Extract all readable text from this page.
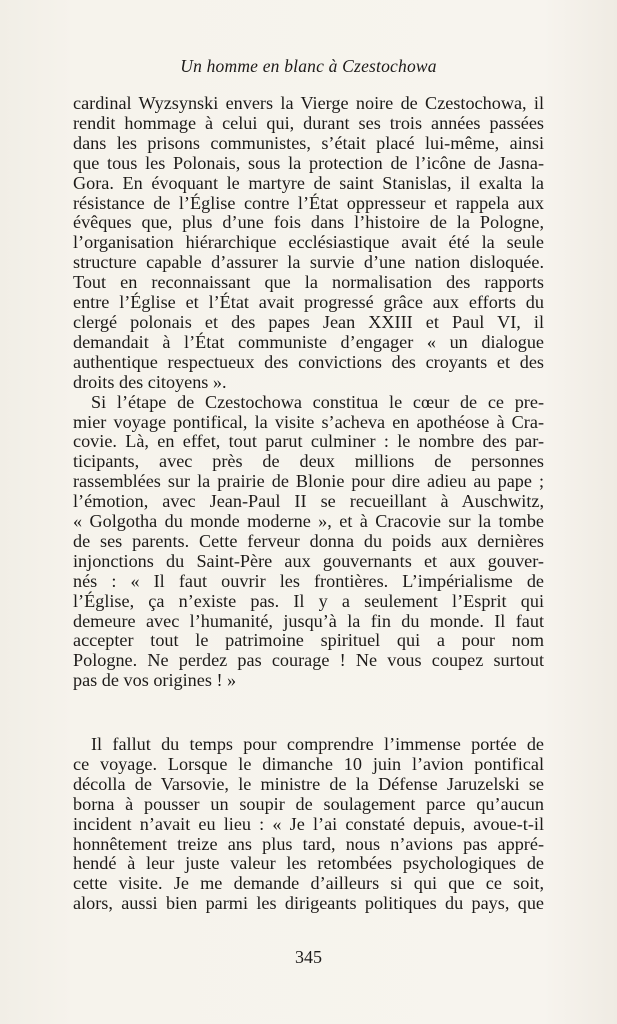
Un homme en blanc à Czestochowa
cardinal Wyzsynski envers la Vierge noire de Czestochowa, il
rendit hommage à celui qui, durant ses trois années passées
dans les prisons communistes, s’était placé lui-même, ainsi
que tous les Polonais, sous la protection de l’icône de Jasna-
Gora. En évoquant le martyre de saint Stanislas, il exalta la
résistance de l’Église contre l’État oppresseur et rappela aux
évêques que, plus d’une fois dans l’histoire de la Pologne,
l’organisation hiérarchique ecclésiastique avait été la seule
structure capable d’assurer la survie d’une nation disloquée.
Tout en reconnaissant que la normalisation des rapports
entre l’Église et l’État avait progressé grâce aux efforts du
clergé polonais et des papes Jean XXIII et Paul VI, il
demandait à l’État communiste d’engager « un dialogue
authentique respectueux des convictions des croyants et des
droits des citoyens ».
Si l’étape de Czestochowa constitua le cœur de ce pre-
mier voyage pontifical, la visite s’acheva en apothéose à Cra-
covie. Là, en effet, tout parut culminer : le nombre des par-
ticipants, avec près de deux millions de personnes
rassemblées sur la prairie de Blonie pour dire adieu au pape ;
l’émotion, avec Jean-Paul II se recueillant à Auschwitz,
« Golgotha du monde moderne », et à Cracovie sur la tombe
de ses parents. Cette ferveur donna du poids aux dernières
injonctions du Saint-Père aux gouvernants et aux gouver-
nés : « Il faut ouvrir les frontières. L’impérialisme de
l’Église, ça n’existe pas. Il y a seulement l’Esprit qui
demeure avec l’humanité, jusqu’à la fin du monde. Il faut
accepter tout le patrimoine spirituel qui a pour nom
Pologne. Ne perdez pas courage ! Ne vous coupez surtout
pas de vos origines ! »
Il fallut du temps pour comprendre l’immense portée de
ce voyage. Lorsque le dimanche 10 juin l’avion pontifical
décolla de Varsovie, le ministre de la Défense Jaruzelski se
borna à pousser un soupir de soulagement parce qu’aucun
incident n’avait eu lieu : « Je l’ai constaté depuis, avoue-t-il
honnêtement treize ans plus tard, nous n’avions pas appré-
hendé à leur juste valeur les retombées psychologiques de
cette visite. Je me demande d’ailleurs si qui que ce soit,
alors, aussi bien parmi les dirigeants politiques du pays, que
345
